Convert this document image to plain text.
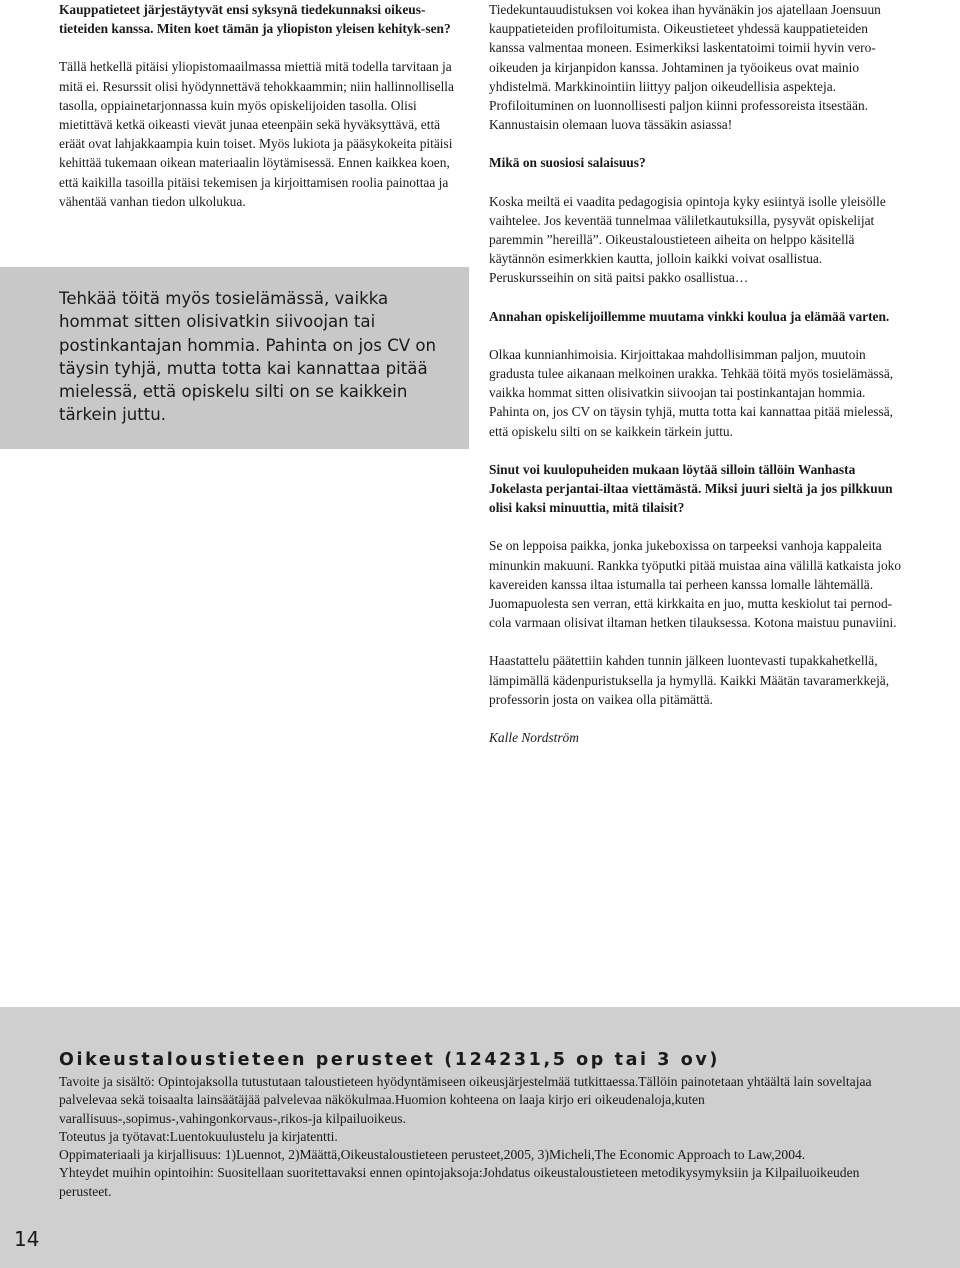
Kauppatieteet järjestäytyvät ensi syksynä tiedekunnaksi oikeus-tieteiden kanssa. Miten koet tämän ja yliopiston yleisen kehityk-sen?

Tällä hetkellä pitäisi yliopistomaailmassa miettiä mitä todella tarvitaan ja mitä ei. Resurssit olisi hyödynnettävä tehokkaammin; niin hallinnollisella tasolla, oppiainetarjonnassa kuin myös opiskelijoiden tasolla. Olisi mietittävä ketkä oikeasti vievät junaa eteenpäin sekä hyväksyttävä, että eräät ovat lahjakkaampia kuin toiset. Myös lukiota ja pääsykokeita pitäisi kehittää tukemaan oikean materiaalin löytämisessä. Ennen kaikkea koen, että kaikilla tasoilla pitäisi tekemisen ja kirjoittamisen roolia painottaa ja vähentää vanhan tiedon ulkolukua.

Tehkää töitä myös tosielämässä, vaikka hommat sitten olisivatkin siivoojan tai postinkantajan hommia. Pahinta on jos CV on täysin tyhjä, mutta totta kai kannattaa pitää mielessä, että opiskelu silti on se kaikkein tärkein juttu.

Tiedekuntauudistuksen voi kokea ihan hyvänäkin jos ajatellaan Joensuun kauppatieteiden profiloitumista. Oikeustieteet yhdessä kauppatieteiden kanssa valmentaa moneen. Esimerkiksi laskentatoimi toimii hyvin vero-oikeuden ja kirjanpidon kanssa. Johtaminen ja työoikeus ovat mainio yhdistelmä. Markkinointiin liittyy paljon oikeudellisia aspekteja. Profiloituminen on luonnollisesti paljon kiinni professoreista itsestään. Kannustaisin olemaan luova tässäkin asiassa!

Mikä on suosiosi salaisuus?

Koska meiltä ei vaadita pedagogisia opintoja kyky esiintyä isolle yleisölle vaihtelee. Jos keventää tunnelmaa väliletkautuksilla, pysyvät opiskelijat paremmin ”hereillä”. Oikeustaloustieteen aiheita on helppo käsitellä käytännön esimerkkien kautta, jolloin kaikki voivat osallistua. Peruskursseihin on sitä paitsi pakko osallistua…

Annahan opiskelijoillemme muutama vinkki koulua ja elämää varten.

Olkaa kunnianhimoisia. Kirjoittakaa mahdollisimman paljon, muutoin gradusta tulee aikanaan melkoinen urakka. Tehkää töitä myös tosielämässä, vaikka hommat sitten olisivatkin siivoojan tai postinkantajan hommia. Pahinta on, jos CV on täysin tyhjä, mutta totta kai kannattaa pitää mielessä, että opiskelu silti on se kaikkein tärkein juttu.

Sinut voi kuulopuheiden mukaan löytää silloin tällöin Wanhasta Jokelasta perjantai-iltaa viettämästä. Miksi juuri sieltä ja jos pilkkuun olisi kaksi minuuttia, mitä tilaisit?

Se on leppoisa paikka, jonka jukeboxissa on tarpeeksi vanhoja kappaleita minunkin makuuni. Rankka työputki pitää muistaa aina välillä katkaista joko kavereiden kanssa iltaa istumalla tai perheen kanssa lomalle lähtemällä. Juomapuolesta sen verran, että kirkkaita en juo, mutta keskiolut tai pernod-cola varmaan olisivat iltaman hetken tilauksessa. Kotona maistuu punaviini.

Haastattelu päätettiin kahden tunnin jälkeen luontevasti tupakkahetkellä, lämpimällä kädenpuristuksella ja hymyllä. Kaikki Määtän tavaramerkkejä, professorin josta on vaikea olla pitämättä.

Kalle Nordström

Oikeustaloustieteen perusteet (124231,5 op tai 3 ov)

Tavoite ja sisältö: Opintojaksolla tutustutaan taloustieteen hyödyntämiseen oikeusjärjestelmää tutkittaessa.Tällöin painotetaan yhtäältä lain soveltajaa palvelevaa sekä toisaalta lainsäätäjää palvelevaa näkökulmaa.Huomion kohteena on laaja kirjo eri oikeudenaloja,kuten varallisuus-,sopimus-,vahingonkorvaus-,rikos-ja kilpailuoikeus.

Toteutus ja työtavat:Luentokuulustelu ja kirjatentti.

Oppimateriaali ja kirjallisuus: 1)Luennot, 2)Määttä,Oikeustaloustieteen perusteet,2005, 3)Micheli,The Economic Approach to Law,2004.

Yhteydet muihin opintoihin: Suositellaan suoritettavaksi ennen opintojaksoja:Johdatus oikeustaloustieteen metodikysymyksiin ja Kilpailuoikeuden perusteet.

14
